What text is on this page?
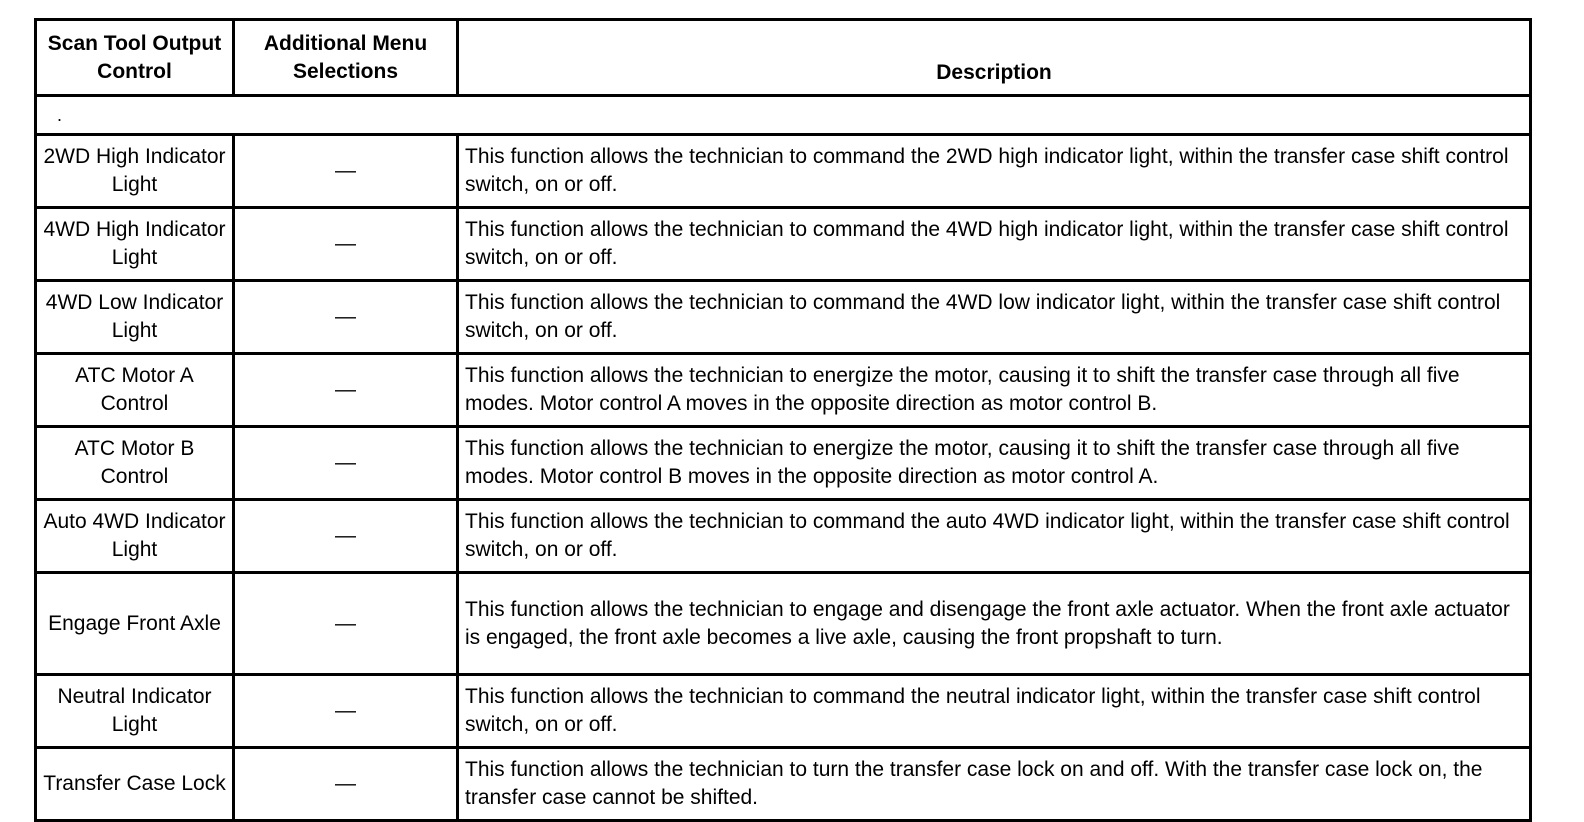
Scan Tool Output Control	Additional Menu Selections	Description
.		
2WD High Indicator Light	—	This function allows the technician to command the 2WD high indicator light, within the transfer case shift control switch, on or off.
4WD High Indicator Light	—	This function allows the technician to command the 4WD high indicator light, within the transfer case shift control switch, on or off.
4WD Low Indicator Light	—	This function allows the technician to command the 4WD low indicator light, within the transfer case shift control switch, on or off.
ATC Motor A Control	—	This function allows the technician to energize the motor, causing it to shift the transfer case through all five modes. Motor control A moves in the opposite direction as motor control B.
ATC Motor B Control	—	This function allows the technician to energize the motor, causing it to shift the transfer case through all five modes. Motor control B moves in the opposite direction as motor control A.
Auto 4WD Indicator Light	—	This function allows the technician to command the auto 4WD indicator light, within the transfer case shift control switch, on or off.
Engage Front Axle	—	This function allows the technician to engage and disengage the front axle actuator. When the front axle actuator is engaged, the front axle becomes a live axle, causing the front propshaft to turn.
Neutral Indicator Light	—	This function allows the technician to command the neutral indicator light, within the transfer case shift control switch, on or off.
Transfer Case Lock	—	This function allows the technician to turn the transfer case lock on and off. With the transfer case lock on, the transfer case cannot be shifted.
